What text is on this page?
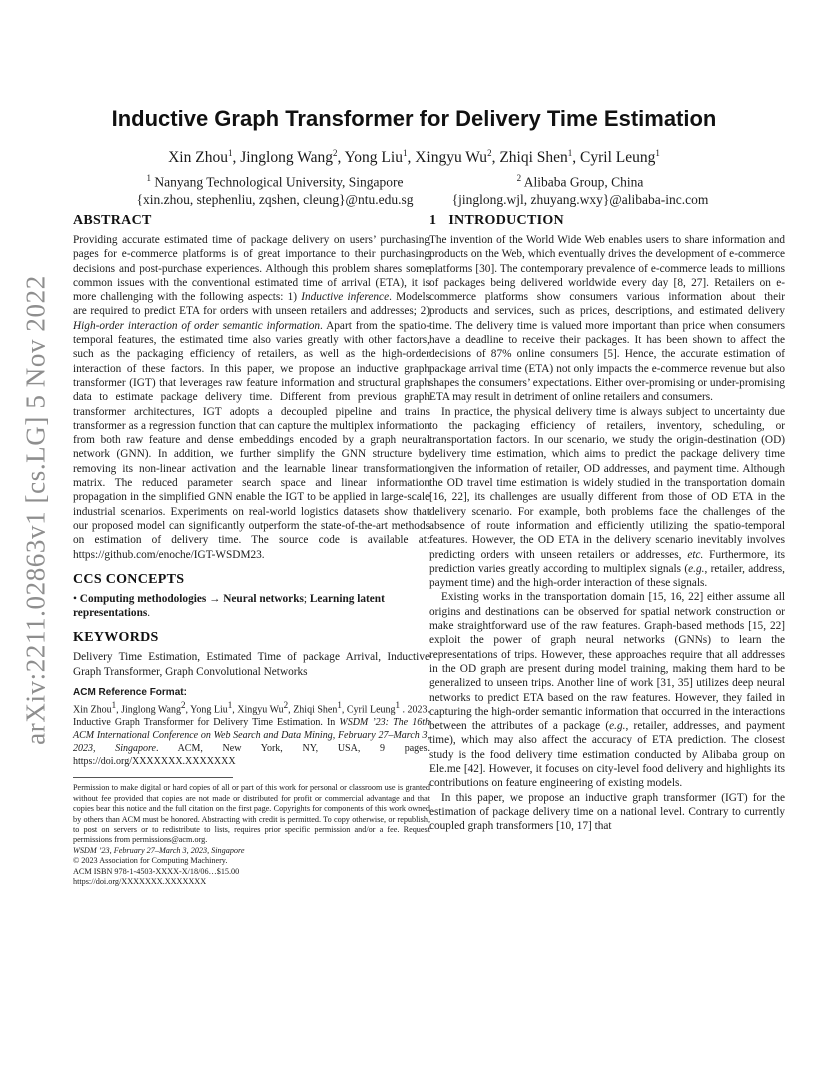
arXiv:2211.02863v1 [cs.LG] 5 Nov 2022
Inductive Graph Transformer for Delivery Time Estimation
Xin Zhou$^1$, Jinglong Wang$^2$, Yong Liu$^1$, Xingyu Wu$^2$, Zhiqi Shen$^1$, Cyril Leung$^1$
$^1$ Nanyang Technological University, Singapore
{xin.zhou, stephenliu, zqshen, cleung}@ntu.edu.sg
$^2$ Alibaba Group, China
{jinglong.wjl, zhuyang.wxy}@alibaba-inc.com
ABSTRACT

Providing accurate estimated time of package delivery on users’ purchasing pages for e-commerce platforms is of great importance to their purchasing decisions and post-purchase experiences. Although this problem shares some common issues with the conventional estimated time of arrival (ETA), it is more challenging with the following aspects: 1) Inductive inference. Models are required to predict ETA for orders with unseen retailers and addresses; 2) High-order interaction of order semantic information. Apart from the spatio-temporal features, the estimated time also varies greatly with other factors, such as the packaging efficiency of retailers, as well as the high-order interaction of these factors. In this paper, we propose an inductive graph transformer (IGT) that leverages raw feature information and structural graph data to estimate package delivery time. Different from previous graph transformer architectures, IGT adopts a decoupled pipeline and trains transformer as a regression function that can capture the multiplex information from both raw feature and dense embeddings encoded by a graph neural network (GNN). In addition, we further simplify the GNN structure by removing its non-linear activation and the learnable linear transformation matrix. The reduced parameter search space and linear information propagation in the simplified GNN enable the IGT to be applied in large-scale industrial scenarios. Experiments on real-world logistics datasets show that our proposed model can significantly outperform the state-of-the-art methods on estimation of delivery time. The source code is available at: https://github.com/enoche/IGT-WSDM23.

CCS CONCEPTS

• Computing methodologies → Neural networks; Learning latent representations.

KEYWORDS

Delivery Time Estimation, Estimated Time of package Arrival, Inductive Graph Transformer, Graph Convolutional Networks

ACM Reference Format:

Xin Zhou$^1$, Jinglong Wang$^2$, Yong Liu$^1$, Xingyu Wu$^2$, Zhiqi Shen$^1$, Cyril Leung$^1$ . 2023. Inductive Graph Transformer for Delivery Time Estimation. In WSDM ’23: The 16th ACM International Conference on Web Search and Data Mining, February 27–March 3, 2023, Singapore. ACM, New York, NY, USA, 9 pages. https://doi.org/XXXXXXX.XXXXXXX

Permission to make digital or hard copies of all or part of this work for personal or classroom use is granted without fee provided that copies are not made or distributed for profit or commercial advantage and that copies bear this notice and the full citation on the first page. Copyrights for components of this work owned by others than ACM must be honored. Abstracting with credit is permitted. To copy otherwise, or republish, to post on servers or to redistribute to lists, requires prior specific permission and/or a fee. Request permissions from permissions@acm.org.

WSDM ’23, February 27–March 3, 2023, Singapore

© 2023 Association for Computing Machinery.

ACM ISBN 978-1-4503-XXXX-X/18/06…$15.00

https://doi.org/XXXXXXX.XXXXXXX

1 INTRODUCTION

The invention of the World Wide Web enables users to share information and products on the Web, which eventually drives the development of e-commerce platforms [30]. The contemporary prevalence of e-commerce leads to millions of packages being delivered worldwide every day [8, 27]. Retailers on e-commerce platforms show consumers various information about their products and services, such as prices, descriptions, and estimated delivery time. The delivery time is valued more important than price when consumers have a deadline to receive their packages. It has been shown to affect the decisions of 87% online consumers [5]. Hence, the accurate estimation of package arrival time (ETA) not only impacts the e-commerce revenue but also shapes the consumers’ expectations. Either over-promising or under-promising ETA may result in detriment of online retailers and consumers.

In practice, the physical delivery time is always subject to uncertainty due to the packaging efficiency of retailers, inventory, scheduling, or transportation factors. In our scenario, we study the origin-destination (OD) delivery time estimation, which aims to predict the package delivery time given the information of retailer, OD addresses, and payment time. Although the OD travel time estimation is widely studied in the transportation domain [16, 22], its challenges are usually different from those of OD ETA in the delivery scenario. For example, both problems face the challenges of the absence of route information and efficiently utilizing the spatio-temporal features. However, the OD ETA in the delivery scenario inevitably involves predicting orders with unseen retailers or addresses, etc. Furthermore, its prediction varies greatly according to multiplex signals (e.g., retailer, address, payment time) and the high-order interaction of these signals.

Existing works in the transportation domain [15, 16, 22] either assume all origins and destinations can be observed for spatial network construction or make straightforward use of the raw features. Graph-based methods [15, 22] exploit the power of graph neural networks (GNNs) to learn the representations of trips. However, these approaches require that all addresses in the OD graph are present during model training, making them hard to be generalized to unseen trips. Another line of work [31, 35] utilizes deep neural networks to predict ETA based on the raw features. However, they failed in capturing the high-order semantic information that occurred in the interactions between the attributes of a package (e.g., retailer, addresses, and payment time), which may also affect the accuracy of ETA prediction. The closest study is the food delivery time estimation conducted by Alibaba group on Ele.me [42]. However, it focuses on city-level food delivery and highlights its contributions on feature engineering of existing models.

In this paper, we propose an inductive graph transformer (IGT) for the estimation of package delivery time on a national level. Contrary to currently coupled graph transformers [10, 17] that
